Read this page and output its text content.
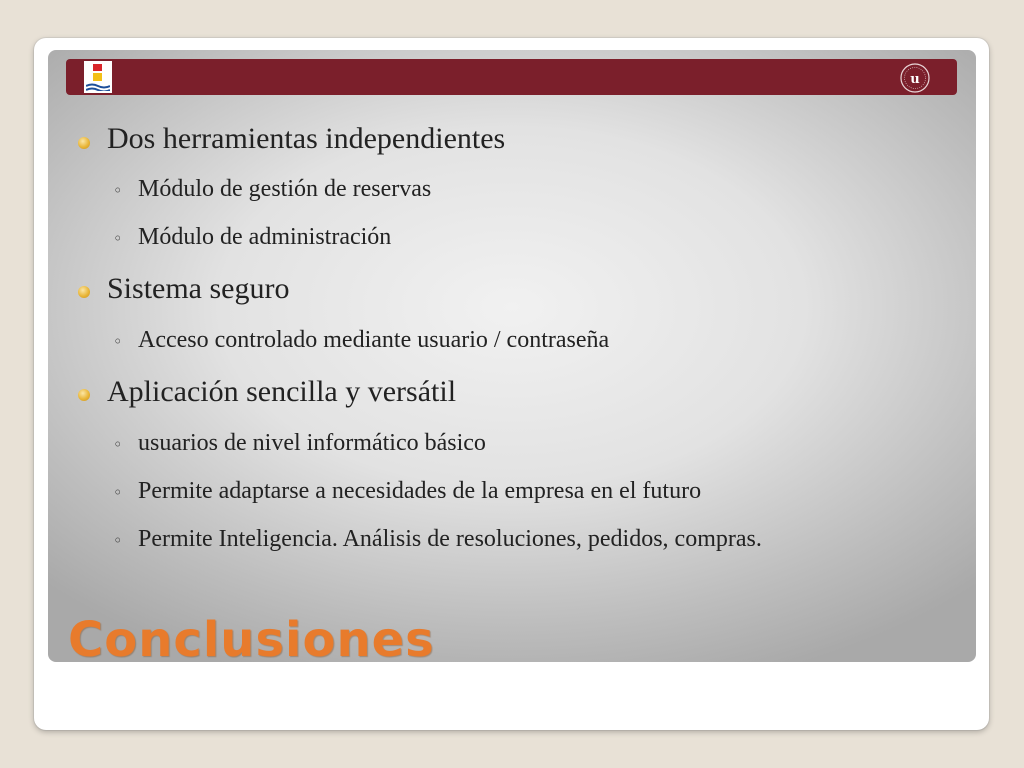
u
Dos herramientas independientes
◦ Módulo de gestión de reservas
◦ Módulo de administración
Sistema seguro
◦ Acceso controlado mediante usuario / contraseña
Aplicación sencilla y versátil
◦ usuarios de nivel informático básico
◦ Permite adaptarse a necesidades de la empresa en el futuro
◦ Permite Inteligencia. Análisis de resoluciones, pedidos, compras.
Conclusiones
